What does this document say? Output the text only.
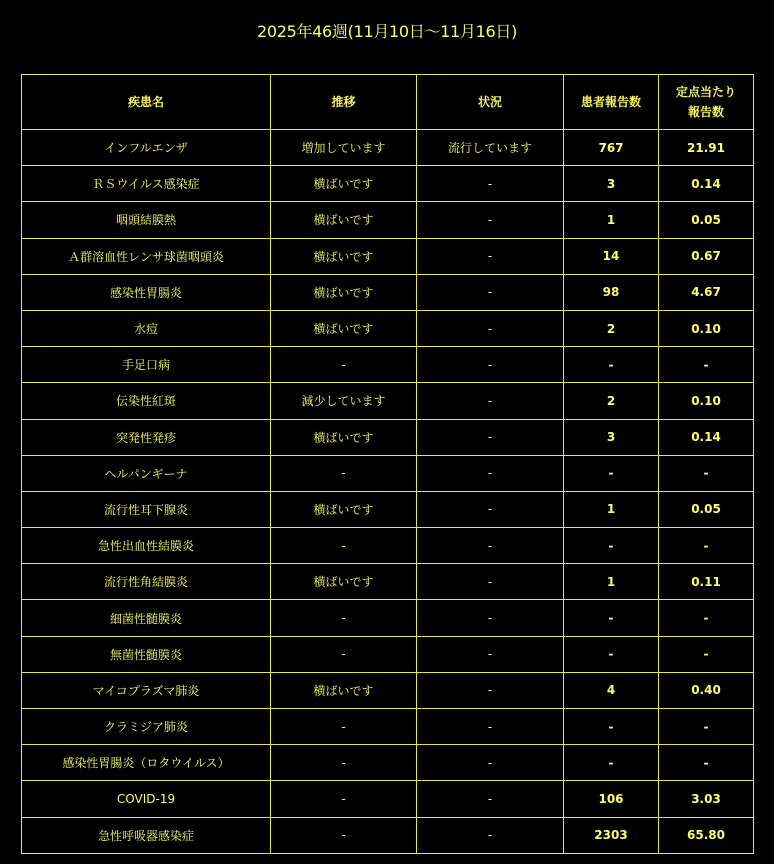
2025年46週(11月10日〜11月16日)
疾患名	推移	状況	患者報告数	定点当たり
報告数
インフルエンザ	増加しています	流行しています	767	21.91
ＲＳウイルス感染症	横ばいです	-	3	0.14
咽頭結膜熱	横ばいです	-	1	0.05
Ａ群溶血性レンサ球菌咽頭炎	横ばいです	-	14	0.67
感染性胃腸炎	横ばいです	-	98	4.67
水痘	横ばいです	-	2	0.10
手足口病	-	-	-	-
伝染性紅斑	減少しています	-	2	0.10
突発性発疹	横ばいです	-	3	0.14
ヘルパンギーナ	-	-	-	-
流行性耳下腺炎	横ばいです	-	1	0.05
急性出血性結膜炎	-	-	-	-
流行性角結膜炎	横ばいです	-	1	0.11
細菌性髄膜炎	-	-	-	-
無菌性髄膜炎	-	-	-	-
マイコプラズマ肺炎	横ばいです	-	4	0.40
クラミジア肺炎	-	-	-	-
感染性胃腸炎（ロタウイルス）	-	-	-	-
COVID-19	-	-	106	3.03
急性呼吸器感染症	-	-	2303	65.80
